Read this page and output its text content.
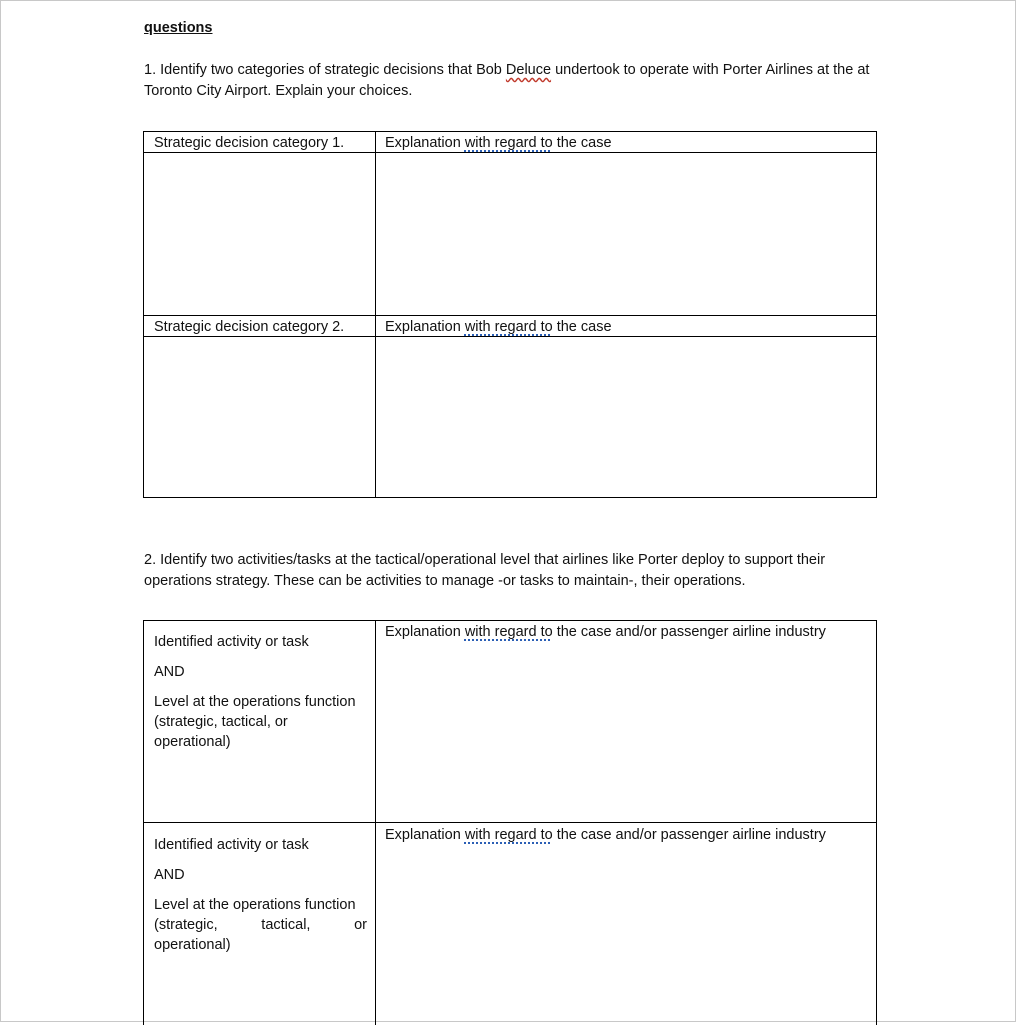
questions
1. Identify two categories of strategic decisions that Bob Deluce undertook to operate with Porter Airlines at the at Toronto City Airport. Explain your choices.
Strategic decision category 1.	Explanation with regard to the case
Strategic decision category 2.	Explanation with regard to the case
2. Identify two activities/tasks at the tactical/operational level that airlines like Porter deploy to support their operations strategy. These can be activities to manage -or tasks to maintain-, their operations.

Identified activity or task

AND

Level at the operations function (strategic, tactical, or operational)

Explanation with regard to the case and/or passenger airline industry

Identified activity or task

AND

Level at the operations function

(strategic,        tactical,        or

operational)

Explanation with regard to the case and/or passenger airline industry
